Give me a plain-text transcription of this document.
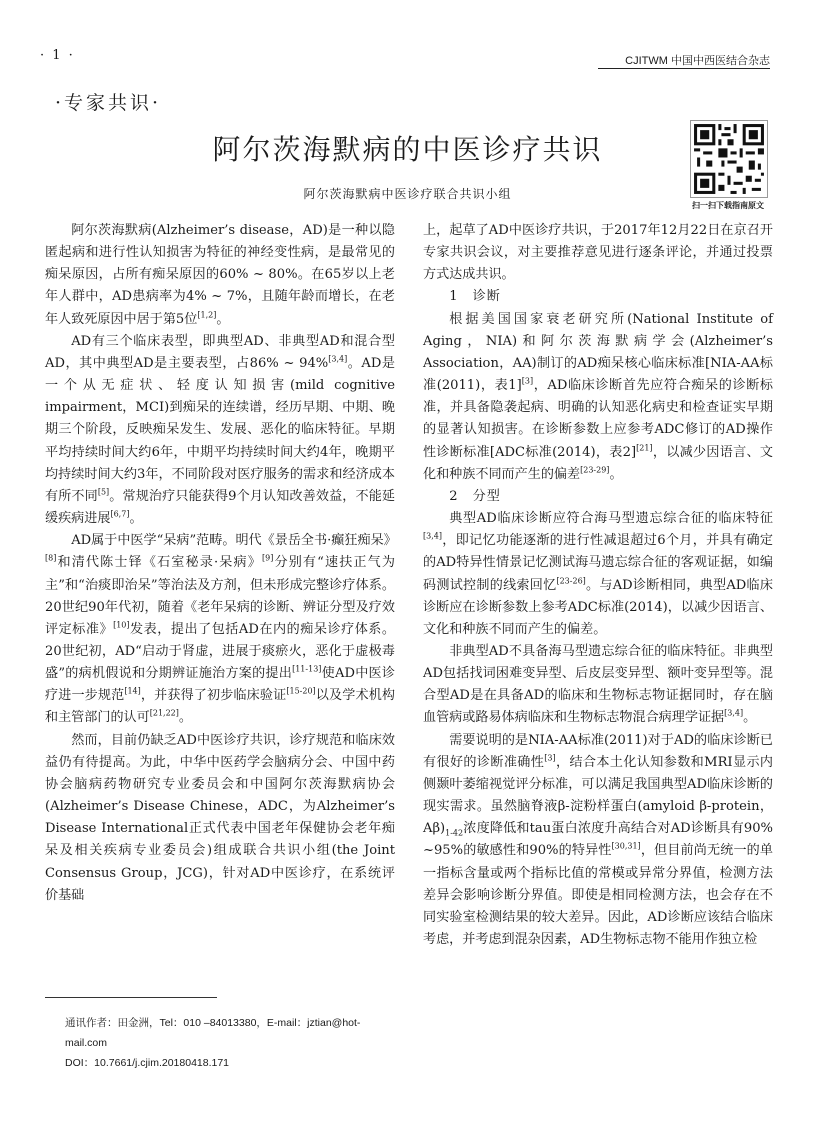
· 1 ·	CJITWM 中国中西医结合杂志
·专家共识·
阿尔茨海默病的中医诊疗共识
阿尔茨海默病中医诊疗联合共识小组
扫一扫下载指南原文

阿尔茨海默病(Alzheimer’s disease，AD)是一种以隐匿起病和进行性认知损害为特征的神经变性病，是最常见的痴呆原因，占所有痴呆原因的60% ~ 80%。在65岁以上老年人群中，AD患病率为4% ~ 7%，且随年龄而增长，在老年人致死原因中居于第5位[1,2]。

AD有三个临床表型，即典型AD、非典型AD和混合型AD，其中典型AD是主要表型，占86% ~ 94%[3,4]。AD是一个从无症状、轻度认知损害(mild cognitive impairment，MCI)到痴呆的连续谱，经历早期、中期、晚期三个阶段，反映痴呆发生、发展、恶化的临床特征。早期平均持续时间大约6年，中期平均持续时间大约4年，晚期平均持续时间大约3年，不同阶段对医疗服务的需求和经济成本有所不同[5]。常规治疗只能获得9个月认知改善效益，不能延缓疾病进展[6,7]。

AD属于中医学“呆病”范畴。明代《景岳全书·癫狂痴呆》[8]和清代陈士铎《石室秘录·呆病》[9]分别有“速扶正气为主”和“治痰即治呆”等治法及方剂，但未形成完整诊疗体系。20世纪90年代初，随着《老年呆病的诊断、辨证分型及疗效评定标准》[10]发表，提出了包括AD在内的痴呆诊疗体系。20世纪初，AD“启动于肾虚，进展于痰瘀火，恶化于虚极毒盛”的病机假说和分期辨证施治方案的提出[11-13]使AD中医诊疗进一步规范[14]，并获得了初步临床验证[15-20]以及学术机构和主管部门的认可[21,22]。

然而，目前仍缺乏AD中医诊疗共识，诊疗规范和临床效益仍有待提高。为此，中华中医药学会脑病分会、中国中药协会脑病药物研究专业委员会和中国阿尔茨海默病协会(Alzheimer’s Disease Chinese，ADC，为Alzheimer’s Disease International正式代表中国老年保健协会老年痴呆及相关疾病专业委员会)组成联合共识小组(the Joint Consensus Group，JCG)，针对AD中医诊疗，在系统评价基础

上，起草了AD中医诊疗共识，于2017年12月22日在京召开专家共识会议，对主要推荐意见进行逐条评论，并通过投票方式达成共识。

1　诊断

根据美国国家衰老研究所(National Institute of Aging，NIA)和阿尔茨海默病学会(Alzheimer’s Association，AA)制订的AD痴呆核心临床标准[NIA-AA标准(2011)，表1][3]，AD临床诊断首先应符合痴呆的诊断标准，并具备隐袭起病、明确的认知恶化病史和检查证实早期的显著认知损害。在诊断参数上应参考ADC修订的AD操作性诊断标准[ADC标准(2014)，表2][21]，以减少因语言、文化和种族不同而产生的偏差[23-29]。

2　分型

典型AD临床诊断应符合海马型遗忘综合征的临床特征[3,4]，即记忆功能逐渐的进行性减退超过6个月，并具有确定的AD特异性情景记忆测试海马遗忘综合征的客观证据，如编码测试控制的线索回忆[23-26]。与AD诊断相同，典型AD临床诊断应在诊断参数上参考ADC标准(2014)，以减少因语言、文化和种族不同而产生的偏差。

非典型AD不具备海马型遗忘综合征的临床特征。非典型AD包括找词困难变异型、后皮层变异型、额叶变异型等。混合型AD是在具备AD的临床和生物标志物证据同时，存在脑血管病或路易体病临床和生物标志物混合病理学证据[3,4]。

需要说明的是NIA-AA标准(2011)对于AD的临床诊断已有很好的诊断准确性[3]，结合本土化认知参数和MRI显示内侧颞叶萎缩视觉评分标准，可以满足我国典型AD临床诊断的现实需求。虽然脑脊液β-淀粉样蛋白(amyloid β-protein，$A\beta)_{1-42}$浓度降低和tau蛋白浓度升高结合对AD诊断具有90% ~95%的敏感性和90%的特异性[30,31]，但目前尚无统一的单一指标含量或两个指标比值的常模或异常分界值，检测方法差异会影响诊断分界值。即使是相同检测方法，也会存在不同实验室检测结果的较大差异。因此，AD诊断应该结合临床考虑，并考虑到混杂因素，AD生物标志物不能用作独立检

通讯作者：田金洲，Tel：010 –84013380，E-mail：jztian@hot-mail.com
DOI：10.7661/j.cjim.20180418.171
